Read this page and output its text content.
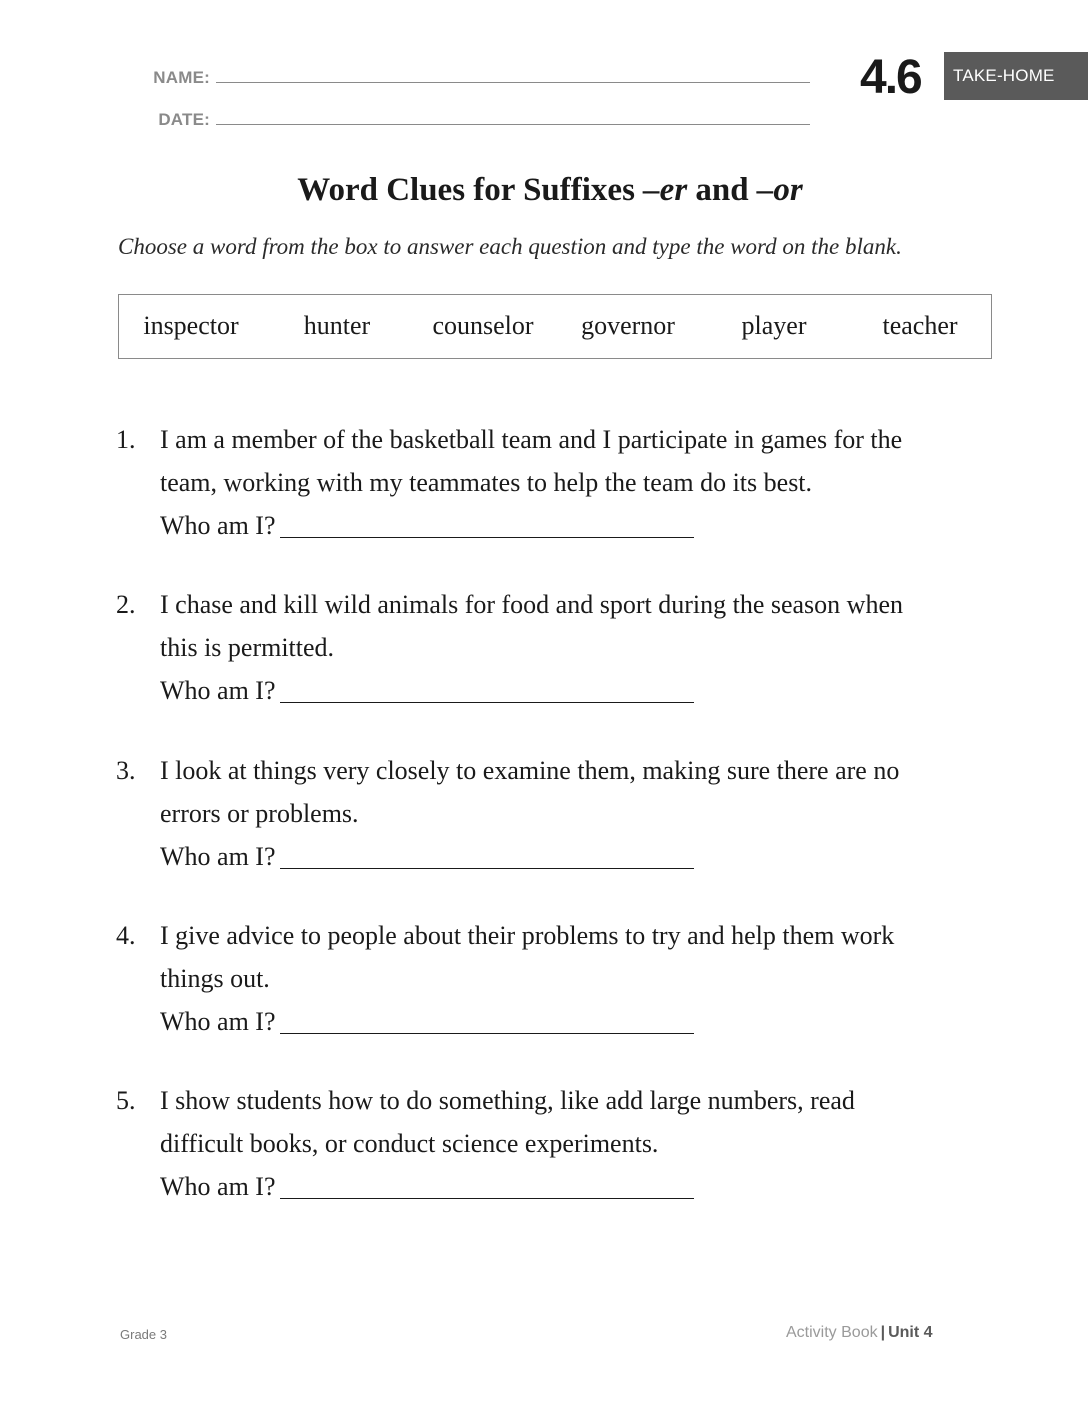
NAME:
DATE:
4.6	TAKE-HOME
Word Clues for Suffixes –er and –or

Choose a word from the box to answer each question and type the word on the blank.

inspector	hunter	counselor	governor	player	teacher
1. I am a member of the basketball team and I participate in games for the
team, working with my teammates to help the team do its best.
Who am I?
2. I chase and kill wild animals for food and sport during the season when
this is permitted.
Who am I?
3. I look at things very closely to examine them, making sure there are no
errors or problems.
Who am I?
4. I give advice to people about their problems to try and help them work
things out.
Who am I?
5. I show students how to do something, like add large numbers, read
difficult books, or conduct science experiments.
Who am I?
Grade 3	Activity Book | Unit 4
